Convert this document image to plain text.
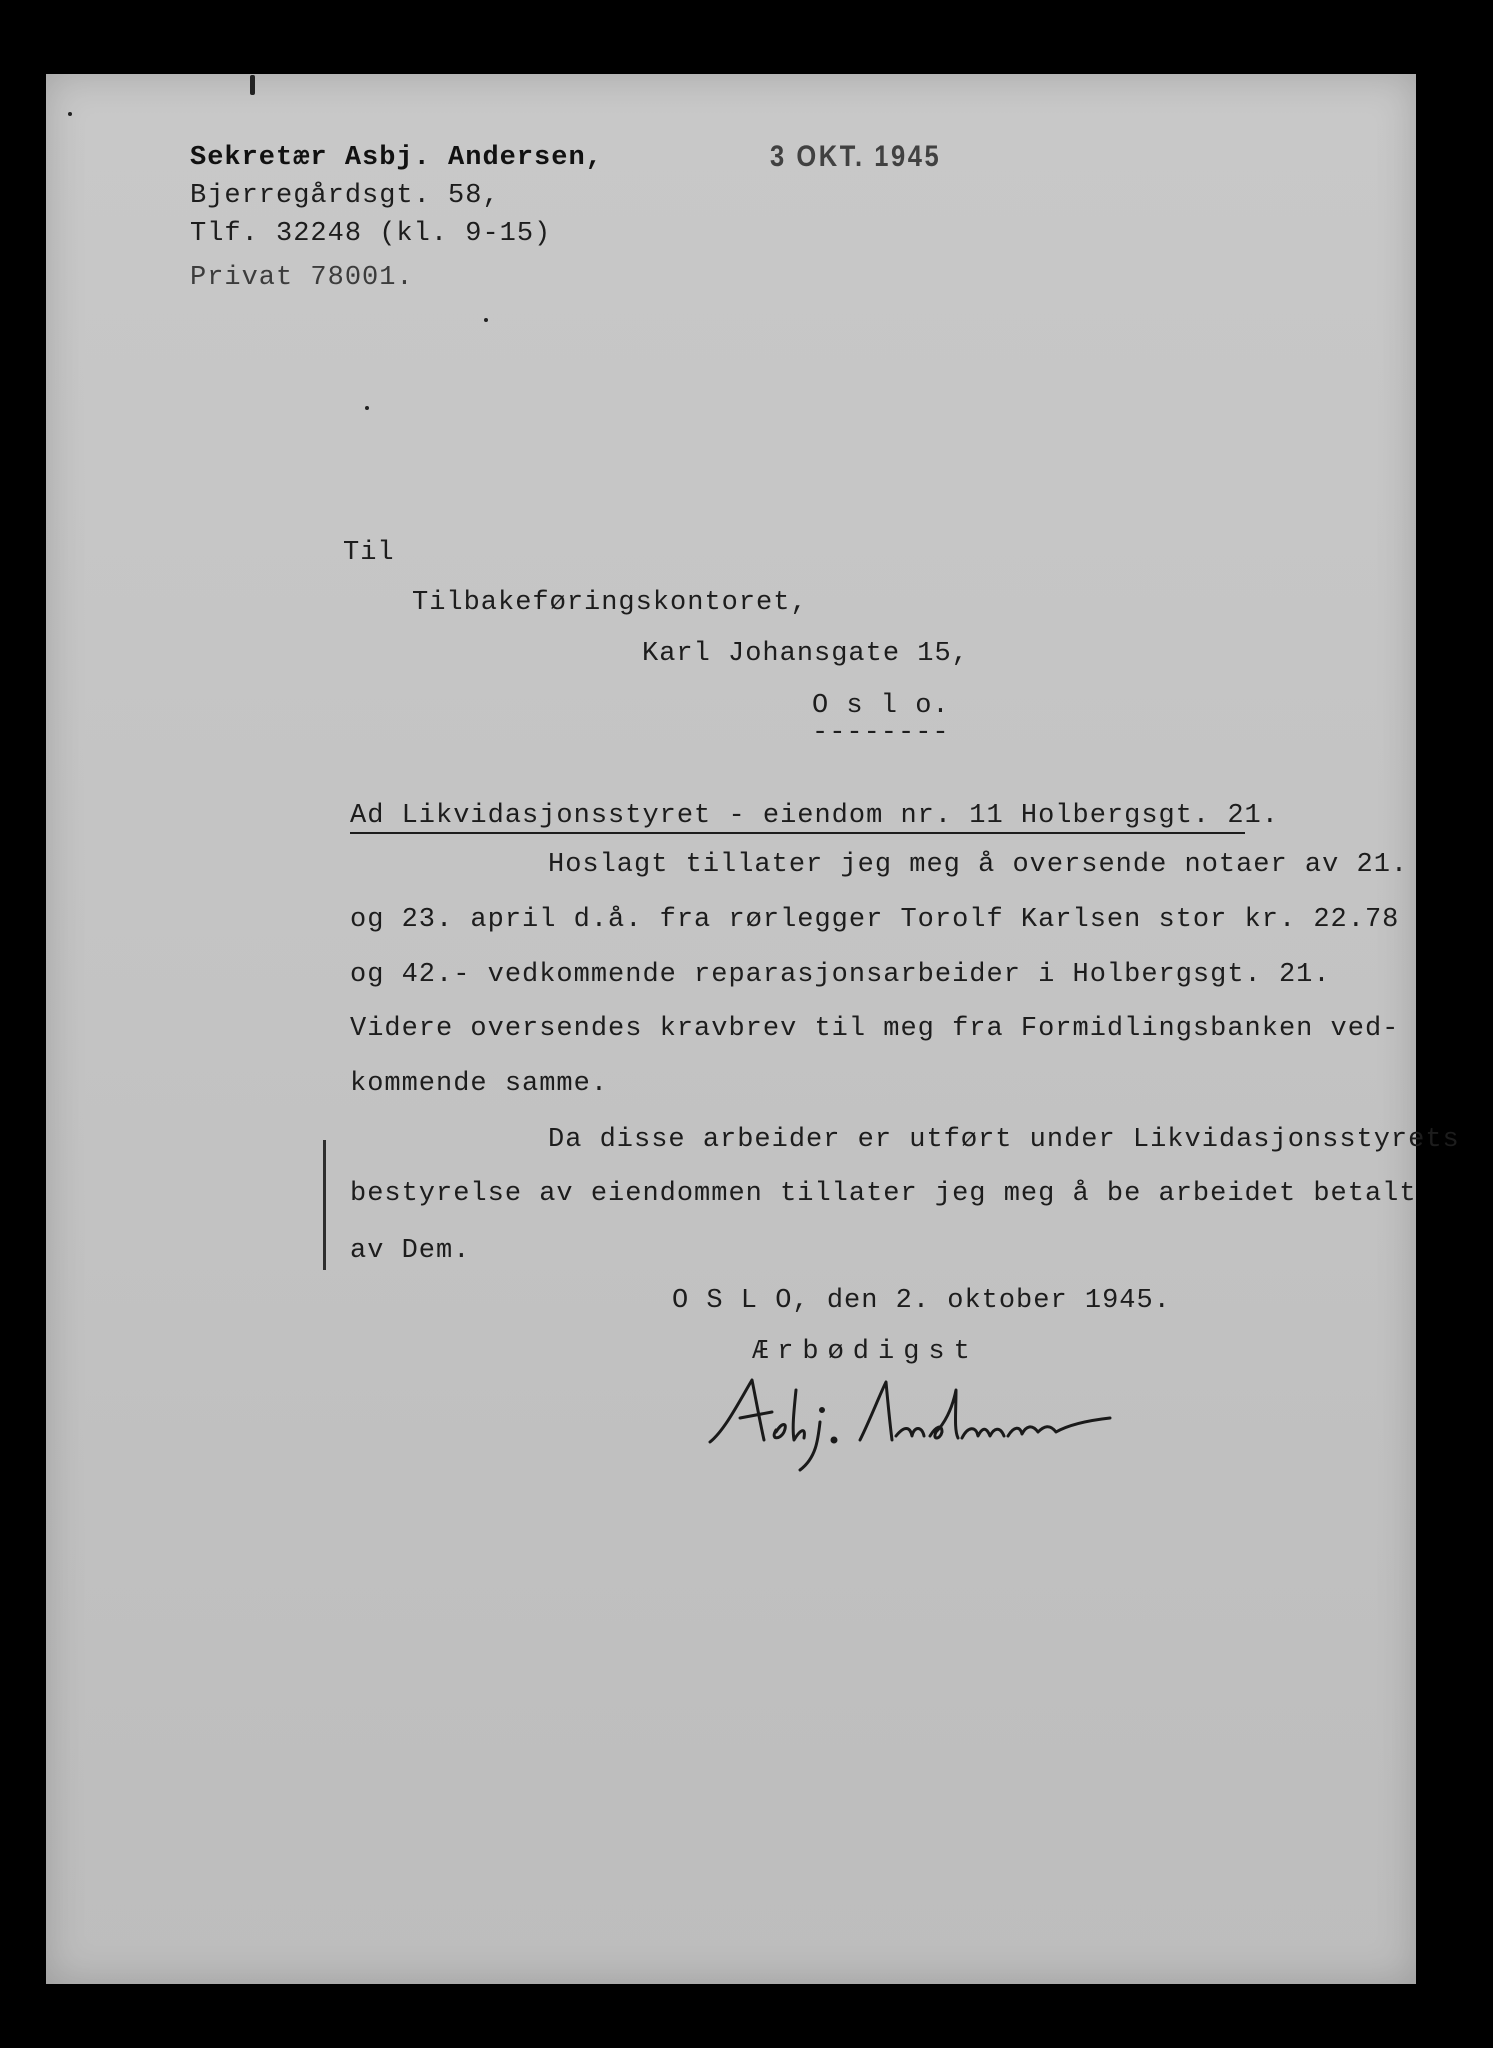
Sekretær Asbj. Andersen,
Bjerregårdsgt. 58,
Tlf. 32248 (kl. 9-15)
Privat 78001.
3 OKT. 1945
Til
Tilbakeføringskontoret,
Karl Johansgate 15,
O s l o.
--------
Ad Likvidasjonsstyret - eiendom nr. 11 Holbergsgt. 21.
Hoslagt tillater jeg meg å oversende notaer av 21.
og 23. april d.å. fra rørlegger Torolf Karlsen stor kr. 22.78
og 42.- vedkommende reparasjonsarbeider i Holbergsgt. 21.
Videre oversendes kravbrev til meg fra Formidlingsbanken ved-
kommende samme.
Da disse arbeider er utført under Likvidasjonsstyrets
bestyrelse av eiendommen tillater jeg meg å be arbeidet betalt
av Dem.
O S L O, den 2. oktober 1945.
Ærbødigst
